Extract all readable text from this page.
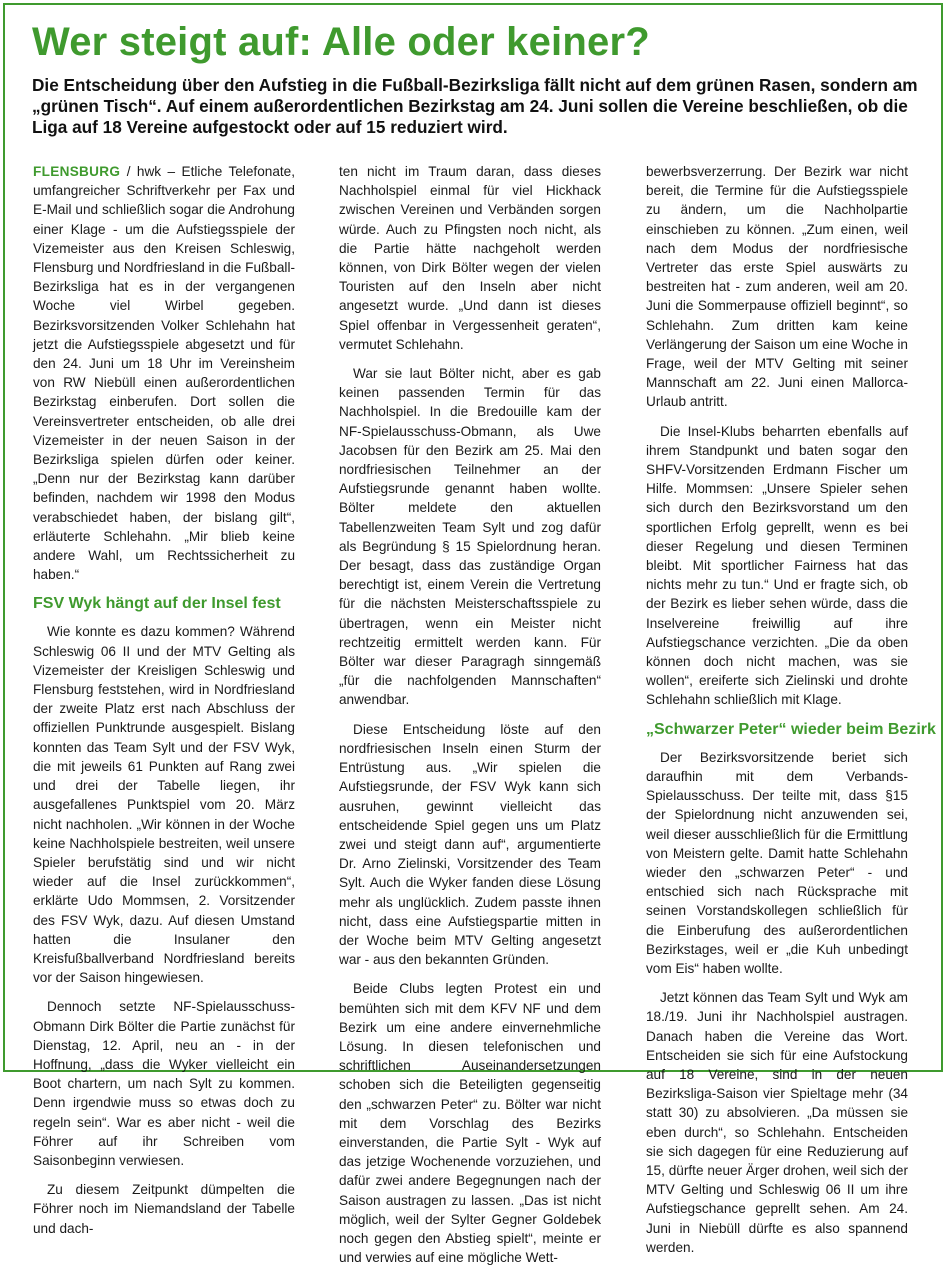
Wer steigt auf: Alle oder keiner?

Die Entscheidung über den Aufstieg in die Fußball-Bezirksliga fällt nicht auf dem grünen Rasen, sondern am „grünen Tisch“. Auf einem außerordentlichen Bezirkstag am 24. Juni sollen die Vereine beschließen, ob die Liga auf 18 Vereine aufgestockt oder auf 15 reduziert wird.

FLENSBURG / hwk – Etliche Telefonate, umfangreicher Schriftverkehr per Fax und E-Mail und schließlich sogar die Androhung einer Klage - um die Aufstiegsspiele der Vizemeister aus den Kreisen Schleswig, Flensburg und Nordfriesland in die Fußball-Bezirksliga hat es in der vergangenen Woche viel Wirbel gegeben. Bezirksvorsitzenden Volker Schlehahn hat jetzt die Aufstiegsspiele abgesetzt und für den 24. Juni um 18 Uhr im Vereinsheim von RW Niebüll einen außerordentlichen Bezirkstag einberufen. Dort sollen die Vereinsvertreter entscheiden, ob alle drei Vizemeister in der neuen Saison in der Bezirksliga spielen dürfen oder keiner. „Denn nur der Bezirkstag kann darüber befinden, nachdem wir 1998 den Modus verabschiedet haben, der bislang gilt“, erläuterte Schlehahn. „Mir blieb keine andere Wahl, um Rechtssicherheit zu haben.“

FSV Wyk hängt auf der Insel fest

Wie konnte es dazu kommen? Während Schleswig 06 II und der MTV Gelting als Vizemeister der Kreisligen Schleswig und Flensburg feststehen, wird in Nordfriesland der zweite Platz erst nach Abschluss der offiziellen Punktrunde ausgespielt. Bislang konnten das Team Sylt und der FSV Wyk, die mit jeweils 61 Punkten auf Rang zwei und drei der Tabelle liegen, ihr ausgefallenes Punktspiel vom 20. März nicht nachholen. „Wir können in der Woche keine Nachholspiele bestreiten, weil unsere Spieler berufstätig sind und wir nicht wieder auf die Insel zurückkommen“, erklärte Udo Mommsen, 2. Vorsitzender des FSV Wyk, dazu. Auf diesen Umstand hatten die Insulaner den Kreisfußballverband Nordfriesland bereits vor der Saison hingewiesen.

Dennoch setzte NF-Spielausschuss-Obmann Dirk Bölter die Partie zunächst für Dienstag, 12. April, neu an - in der Hoffnung, „dass die Wyker vielleicht ein Boot chartern, um nach Sylt zu kommen. Denn irgendwie muss so etwas doch zu regeln sein“. War es aber nicht - weil die Föhrer auf ihr Schreiben vom Saisonbeginn verwiesen.

Zu diesem Zeitpunkt dümpelten die Föhrer noch im Niemandsland der Tabelle und dach-

ten nicht im Traum daran, dass dieses Nachholspiel einmal für viel Hickhack zwischen Vereinen und Verbänden sorgen würde. Auch zu Pfingsten noch nicht, als die Partie hätte nachgeholt werden können, von Dirk Bölter wegen der vielen Touristen auf den Inseln aber nicht angesetzt wurde. „Und dann ist dieses Spiel offenbar in Vergessenheit geraten“, vermutet Schlehahn.

War sie laut Bölter nicht, aber es gab keinen passenden Termin für das Nachholspiel. In die Bredouille kam der NF-Spielausschuss-Obmann, als Uwe Jacobsen für den Bezirk am 25. Mai den nordfriesischen Teilnehmer an der Aufstiegsrunde genannt haben wollte. Bölter meldete den aktuellen Tabellenzweiten Team Sylt und zog dafür als Begründung § 15 Spielordnung heran. Der besagt, dass das zuständige Organ berechtigt ist, einem Verein die Vertretung für die nächsten Meisterschaftsspiele zu übertragen, wenn ein Meister nicht rechtzeitig ermittelt werden kann. Für Bölter war dieser Paragragh sinngemäß „für die nachfolgenden Mannschaften“ anwendbar.

Diese Entscheidung löste auf den nordfriesischen Inseln einen Sturm der Entrüstung aus. „Wir spielen die Aufstiegsrunde, der FSV Wyk kann sich ausruhen, gewinnt vielleicht das entscheidende Spiel gegen uns um Platz zwei und steigt dann auf“, argumentierte Dr. Arno Zielinski, Vorsitzender des Team Sylt. Auch die Wyker fanden diese Lösung mehr als unglücklich. Zudem passte ihnen nicht, dass eine Aufstiegspartie mitten in der Woche beim MTV Gelting angesetzt war - aus den bekannten Gründen.

Beide Clubs legten Protest ein und bemühten sich mit dem KFV NF und dem Bezirk um eine andere einvernehmliche Lösung. In diesen telefonischen und schriftlichen Auseinandersetzungen schoben sich die Beteiligten gegenseitig den „schwarzen Peter“ zu. Bölter war nicht mit dem Vorschlag des Bezirks einverstanden, die Partie Sylt - Wyk auf das jetzige Wochenende vorzuziehen, und dafür zwei andere Begegnungen nach der Saison austragen zu lassen. „Das ist nicht möglich, weil der Sylter Gegner Goldebek noch gegen den Abstieg spielt“, meinte er und verwies auf eine mögliche Wett-

bewerbsverzerrung. Der Bezirk war nicht bereit, die Termine für die Aufstiegsspiele zu ändern, um die Nachholpartie einschieben zu können. „Zum einen, weil nach dem Modus der nordfriesische Vertreter das erste Spiel auswärts zu bestreiten hat - zum anderen, weil am 20. Juni die Sommerpause offiziell beginnt“, so Schlehahn. Zum dritten kam keine Verlängerung der Saison um eine Woche in Frage, weil der MTV Gelting mit seiner Mannschaft am 22. Juni einen Mallorca-Urlaub antritt.

Die Insel-Klubs beharrten ebenfalls auf ihrem Standpunkt und baten sogar den SHFV-Vorsitzenden Erdmann Fischer um Hilfe. Mommsen: „Unsere Spieler sehen sich durch den Bezirksvorstand um den sportlichen Erfolg geprellt, wenn es bei dieser Regelung und diesen Terminen bleibt. Mit sportlicher Fairness hat das nichts mehr zu tun.“ Und er fragte sich, ob der Bezirk es lieber sehen würde, dass die Inselvereine freiwillig auf ihre Aufstiegschance verzichten. „Die da oben können doch nicht machen, was sie wollen“, ereiferte sich Zielinski und drohte Schlehahn schließlich mit Klage.

„Schwarzer Peter“ wieder beim Bezirk

Der Bezirksvorsitzende beriet sich daraufhin mit dem Verbands-Spielausschuss. Der teilte mit, dass §15 der Spielordnung nicht anzuwenden sei, weil dieser ausschließlich für die Ermittlung von Meistern gelte. Damit hatte Schlehahn wieder den „schwarzen Peter“ - und entschied sich nach Rücksprache mit seinen Vorstandskollegen schließlich für die Einberufung des außerordentlichen Bezirkstages, weil er „die Kuh unbedingt vom Eis“ haben wollte.

Jetzt können das Team Sylt und Wyk am 18./19. Juni ihr Nachholspiel austragen. Danach haben die Vereine das Wort. Entscheiden sie sich für eine Aufstockung auf 18 Vereine, sind in der neuen Bezirksliga-Saison vier Spieltage mehr (34 statt 30) zu absolvieren. „Da müssen sie eben durch“, so Schlehahn. Entscheiden sie sich dagegen für eine Reduzierung auf 15, dürfte neuer Ärger drohen, weil sich der MTV Gelting und Schleswig 06 II um ihre Aufstiegschance geprellt sehen. Am 24. Juni in Niebüll dürfte es also spannend werden.
